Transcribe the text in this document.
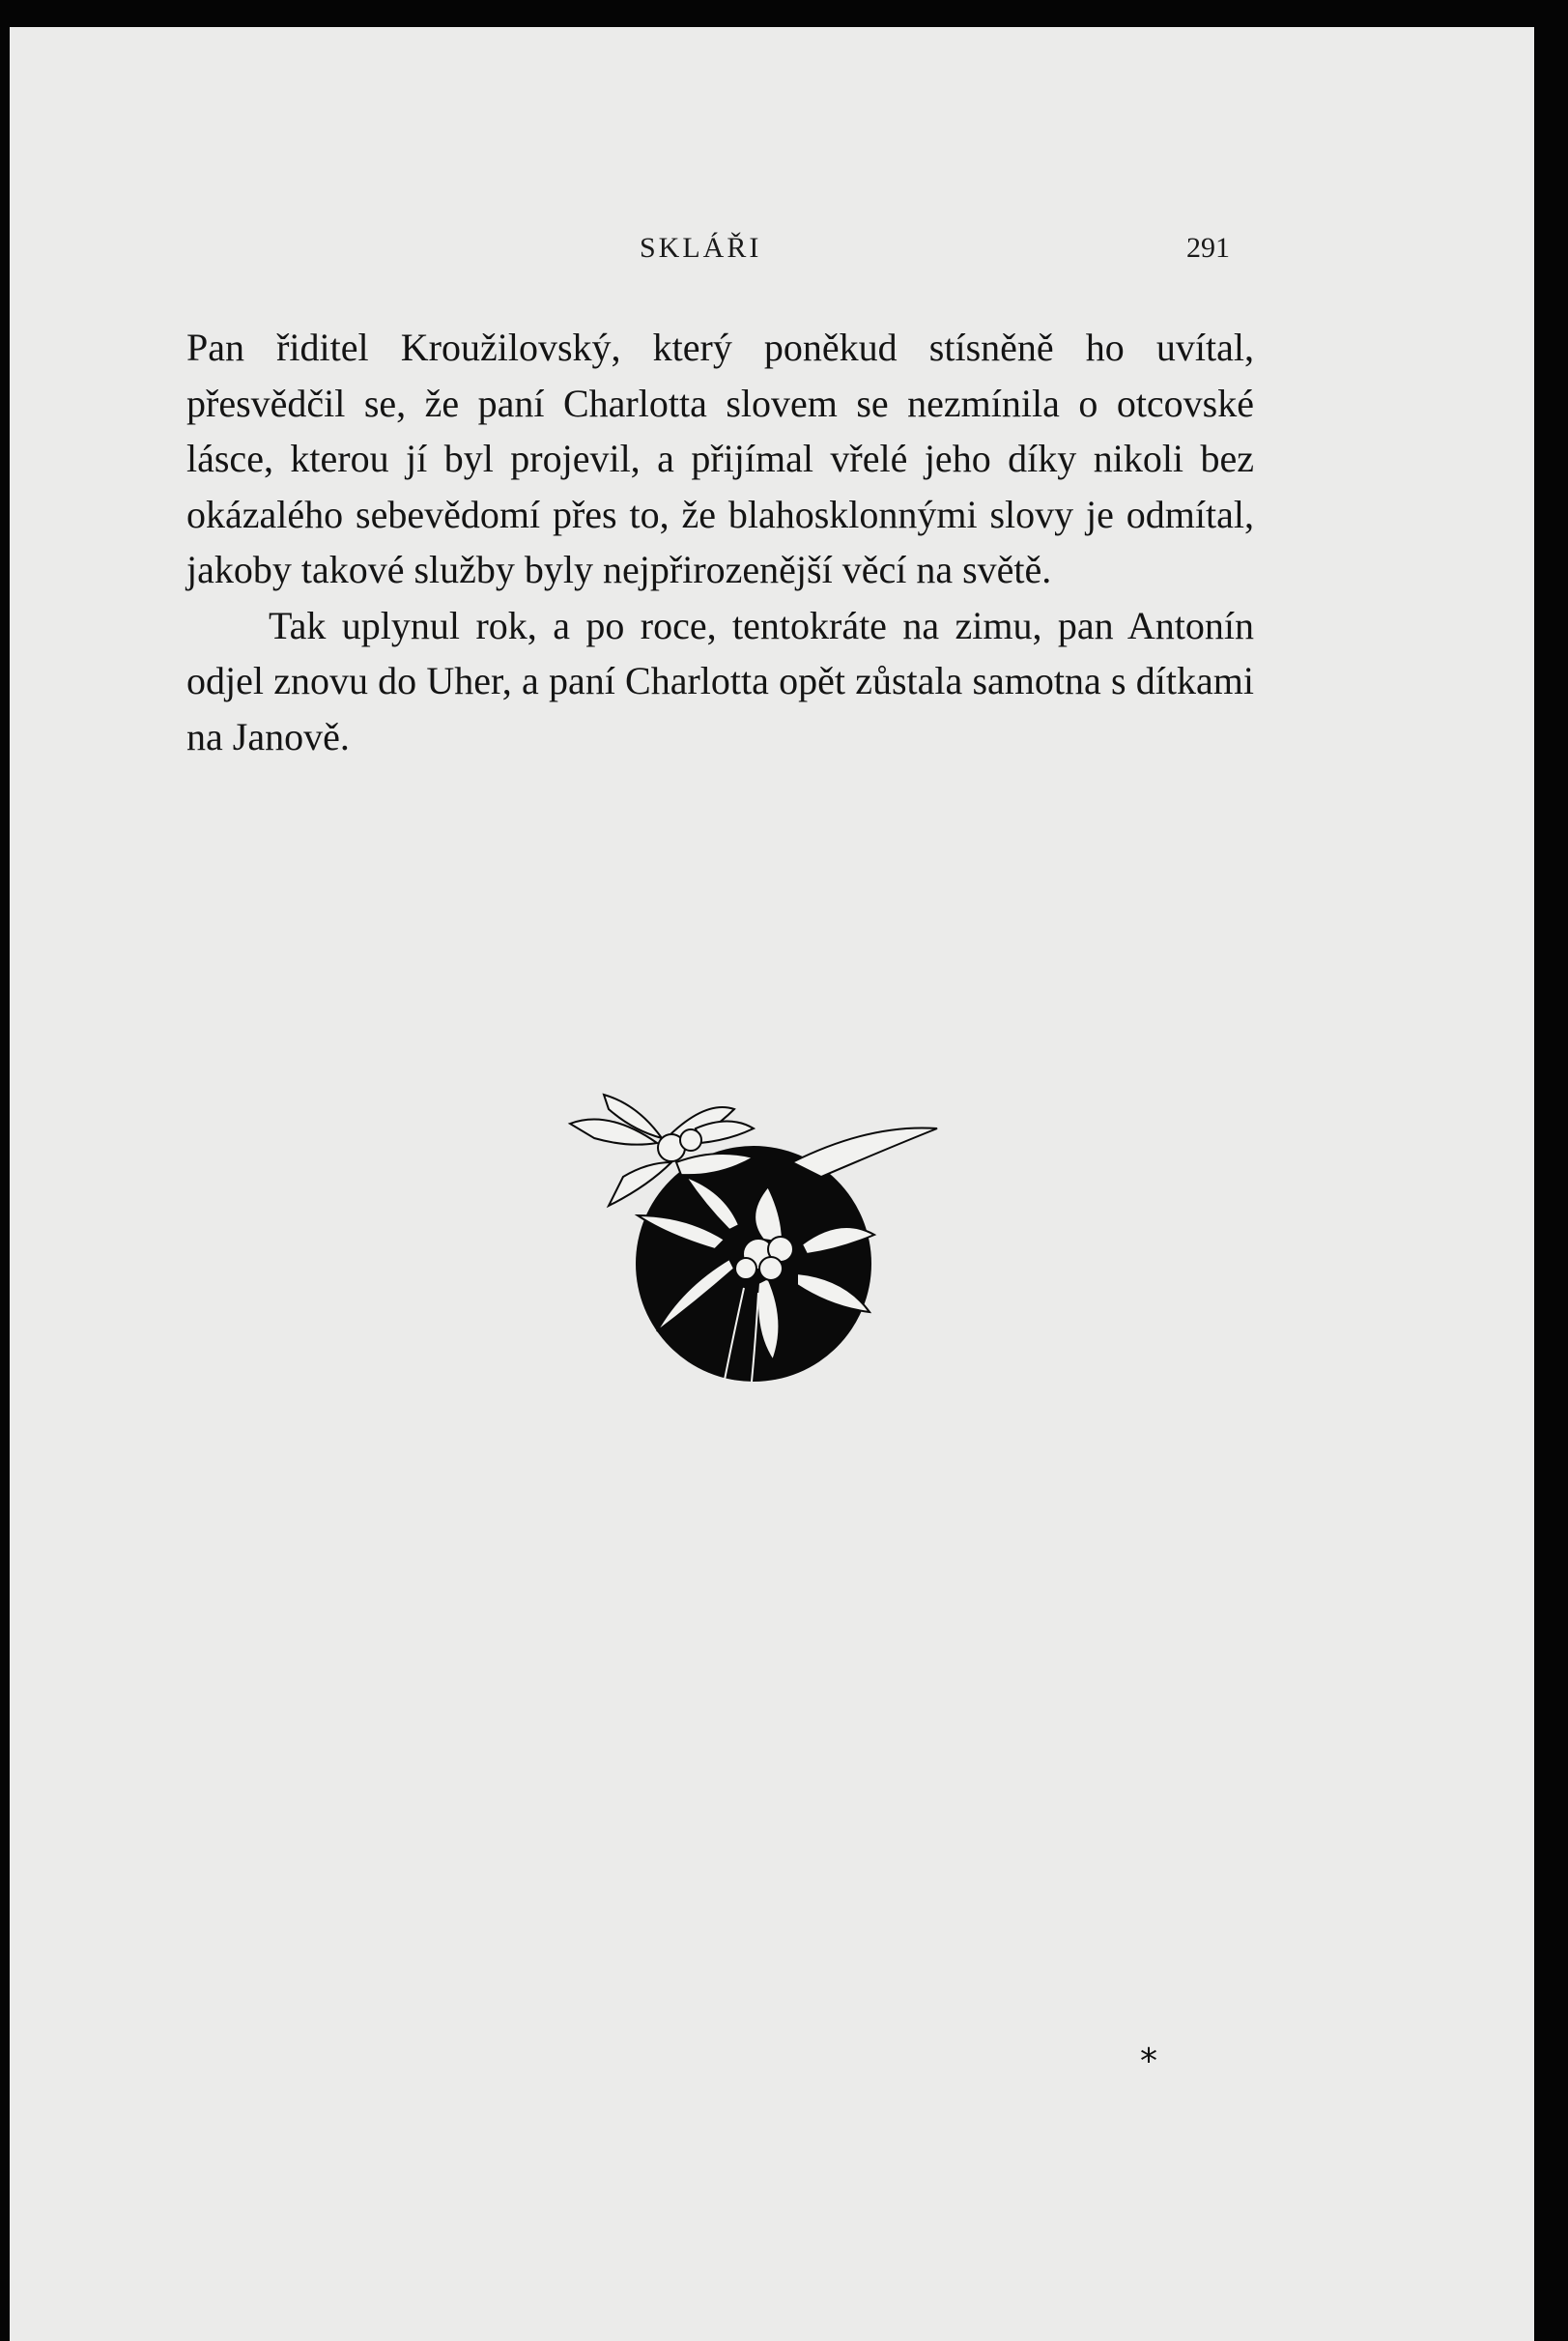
SKLÁŘI	291

Pan řiditel Kroužilovský, který poněkud stísněně ho uvítal, přesvědčil se, že paní Charlotta slovem se nezmínila o otcovské lásce, kterou jí byl projevil, a přijímal vřelé jeho díky nikoli bez okázalého sebevědomí přes to, že blahosklonnými slovy je odmítal, jakoby takové služby byly nejpřirozenější věcí na světě.

Tak uplynul rok, a po roce, tentokráte na zimu, pan Antonín odjel znovu do Uher, a paní Charlotta opět zůstala samotna s dítkami na Janově.

*
